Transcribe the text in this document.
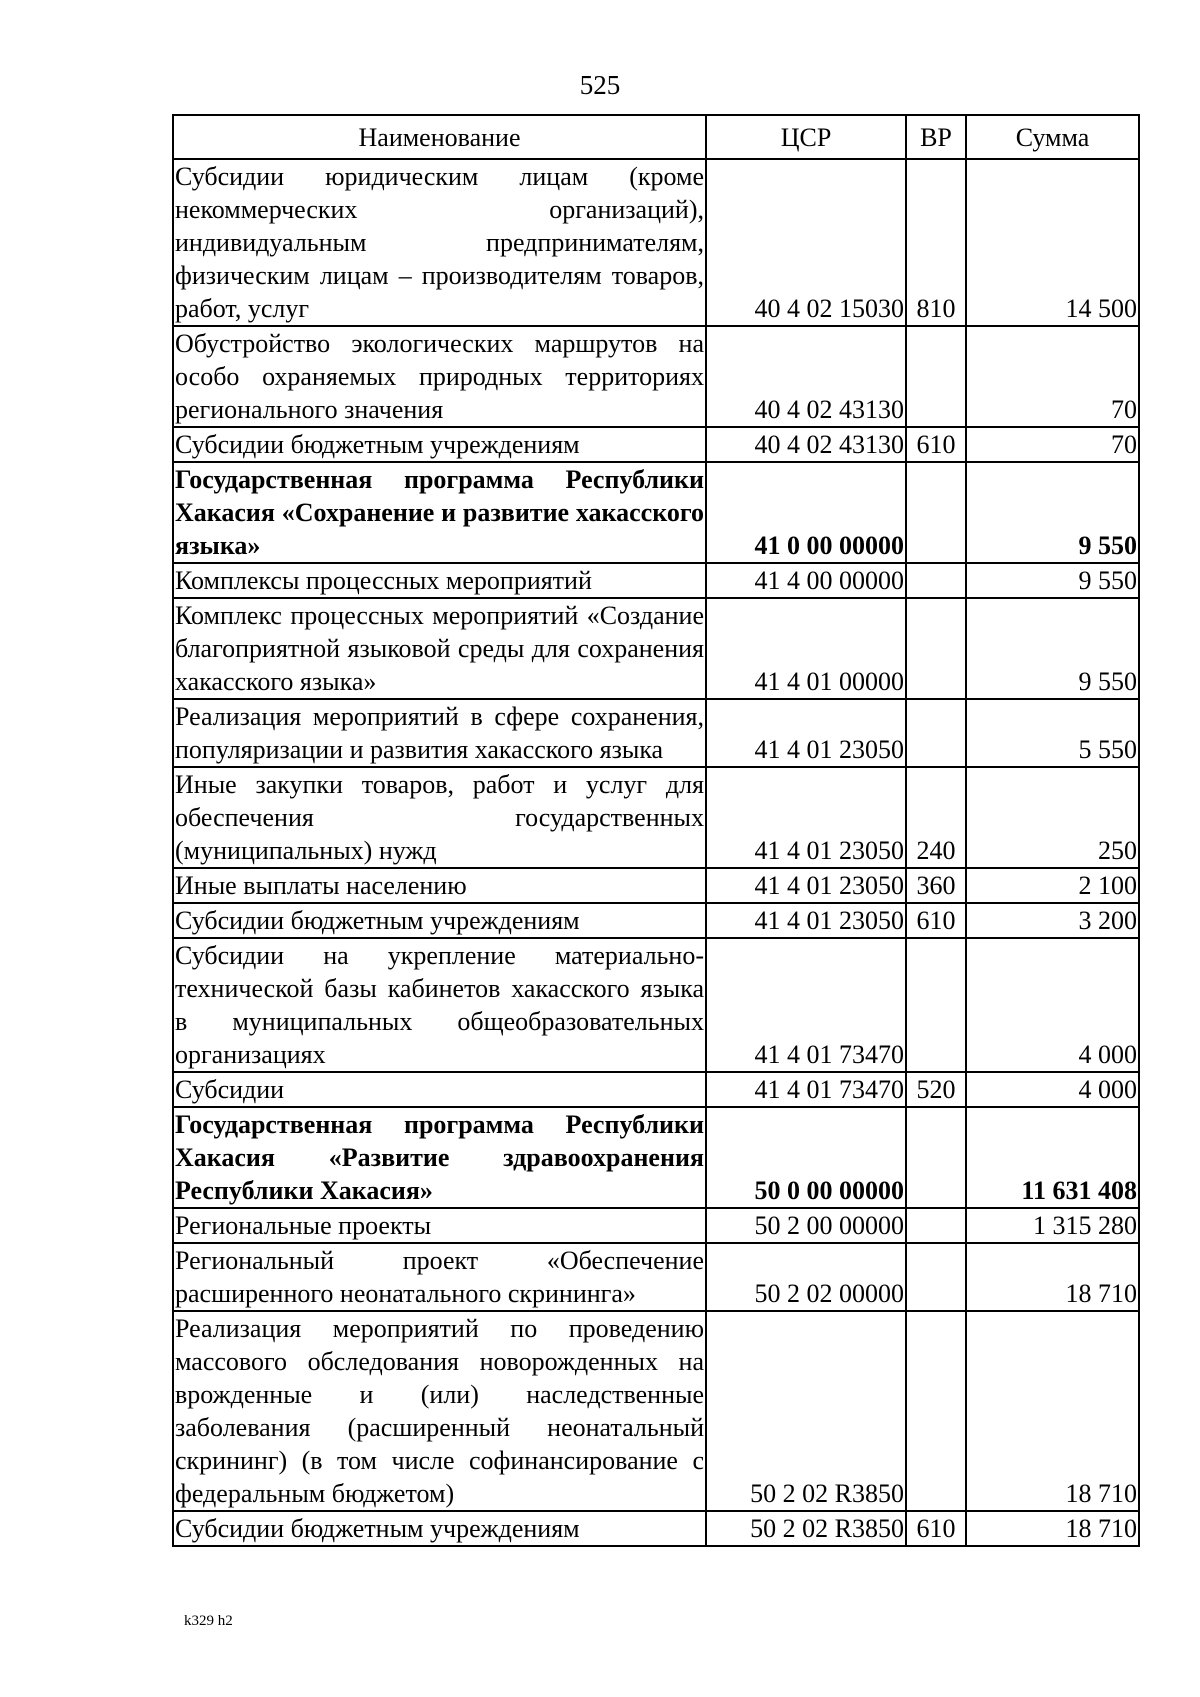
525
Наименование	ЦСР	ВР	Сумма
Субсидии юридическим лицам (кроме некоммерческих организаций), индивидуальным предпринимателям, физическим лицам – производителям товаров, работ, услуг	40 4 02 15030	810	14 500
Обустройство экологических маршрутов на особо охраняемых природных территориях регионального значения	40 4 02 43130		70
Субсидии бюджетным учреждениям	40 4 02 43130	610	70
Государственная программа Республики Хакасия «Сохранение и развитие хакасского языка»	41 0 00 00000		9 550
Комплексы процессных мероприятий	41 4 00 00000		9 550
Комплекс процессных мероприятий «Создание благоприятной языковой среды для сохранения хакасского языка»	41 4 01 00000		9 550
Реализация мероприятий в сфере сохранения, популяризации и развития хакасского языка	41 4 01 23050		5 550
Иные закупки товаров, работ и услуг для обеспечения государственных (муниципальных) нужд	41 4 01 23050	240	250
Иные выплаты населению	41 4 01 23050	360	2 100
Субсидии бюджетным учреждениям	41 4 01 23050	610	3 200
Субсидии на укрепление материально-технической базы кабинетов хакасского языка в муниципальных общеобразовательных организациях	41 4 01 73470		4 000
Субсидии	41 4 01 73470	520	4 000
Государственная программа Республики Хакасия «Развитие здравоохранения Республики Хакасия»	50 0 00 00000		11 631 408
Региональные проекты	50 2 00 00000		1 315 280
Региональный проект «Обеспечение расширенного неонатального скрининга»	50 2 02 00000		18 710
Реализация мероприятий по проведению массового обследования новорожденных на врожденные и (или) наследственные заболевания (расширенный неонатальный скрининг) (в том числе софинансирование с федеральным бюджетом)	50 2 02 R3850		18 710
Субсидии бюджетным учреждениям	50 2 02 R3850	610	18 710
k329 h2
